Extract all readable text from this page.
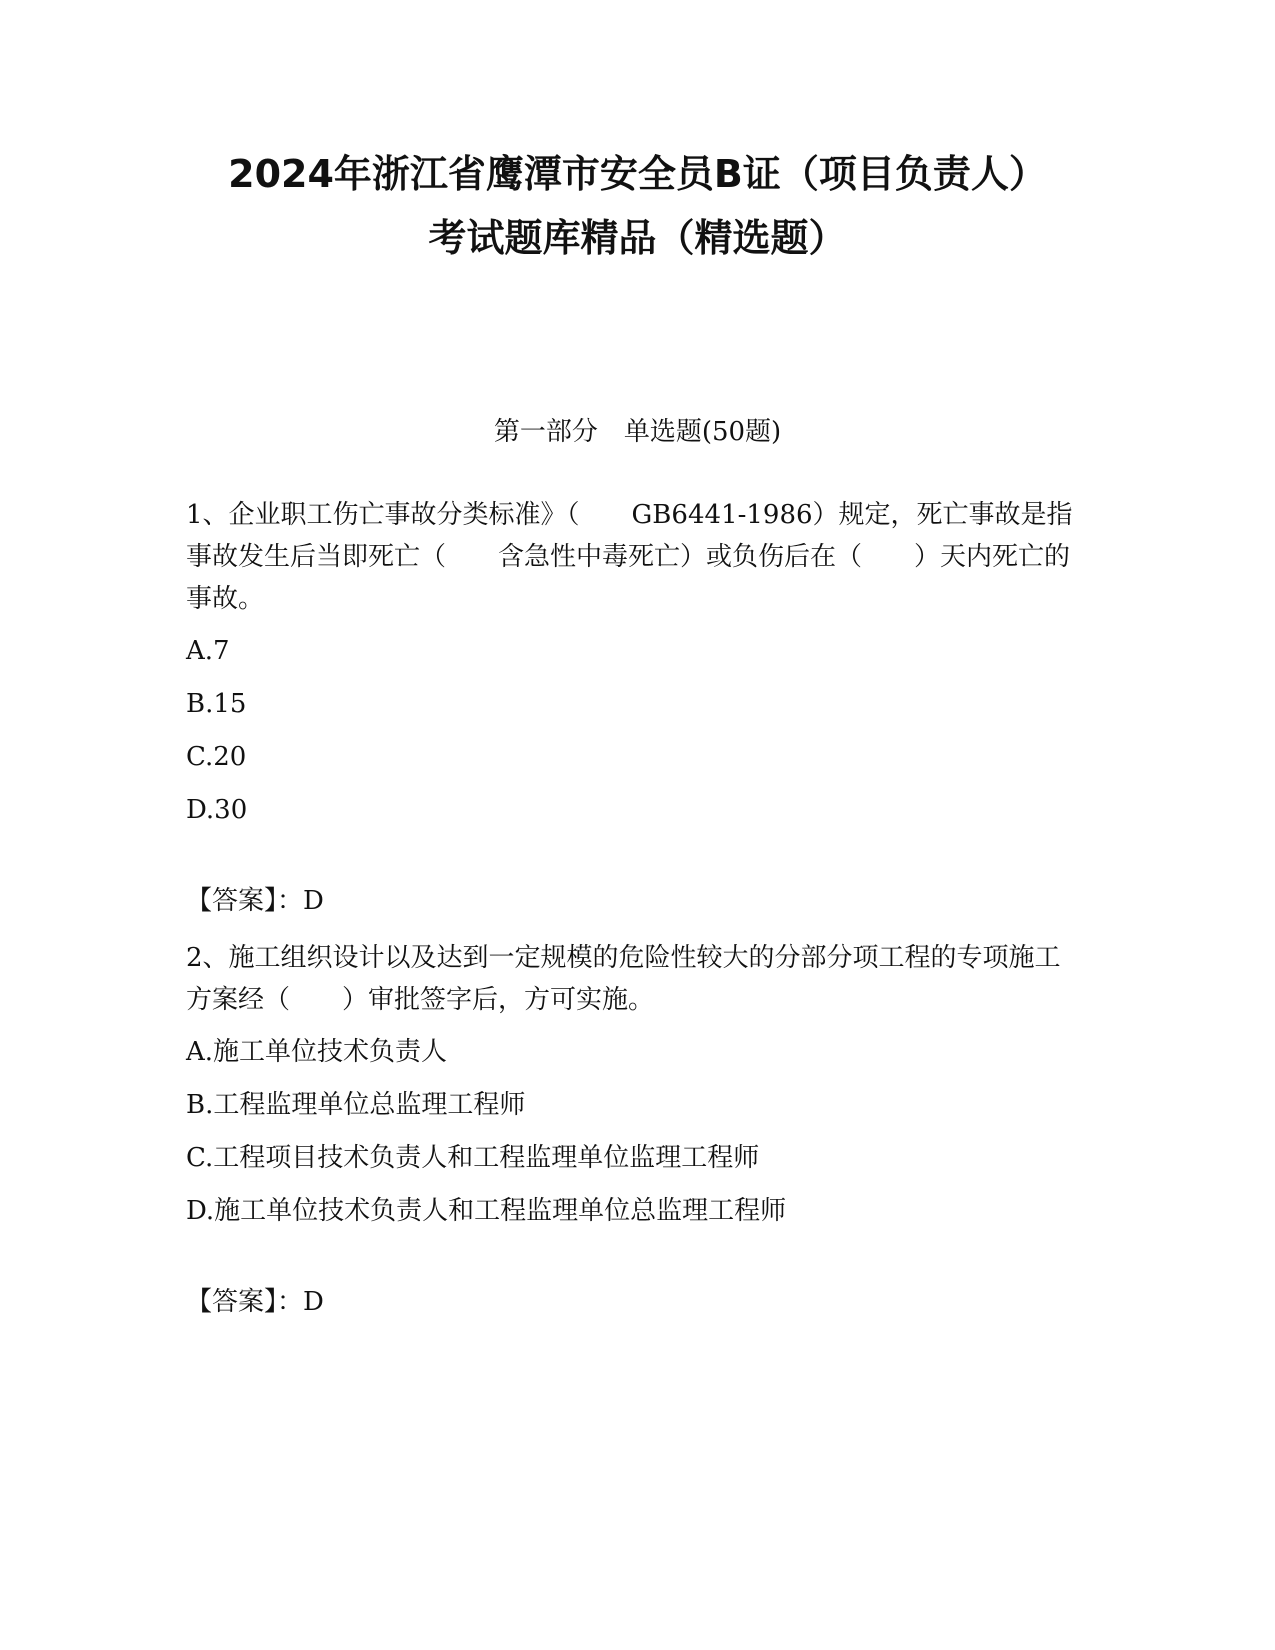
2024年浙江省鹰潭市安全员B证（项目负责人）
考试题库精品（精选题）
第一部分　单选题(50题)

1、企业职工伤亡事故分类标准》（　　GB6441-1986）规定，死亡事故是指事故发生后当即死亡（　　含急性中毒死亡）或负伤后在（　　）天内死亡的事故。

A.7

B.15

C.20

D.30

【答案】：D

2、施工组织设计以及达到一定规模的危险性较大的分部分项工程的专项施工方案经（　　）审批签字后，方可实施。

A.施工单位技术负责人

B.工程监理单位总监理工程师

C.工程项目技术负责人和工程监理单位监理工程师

D.施工单位技术负责人和工程监理单位总监理工程师

【答案】：D
